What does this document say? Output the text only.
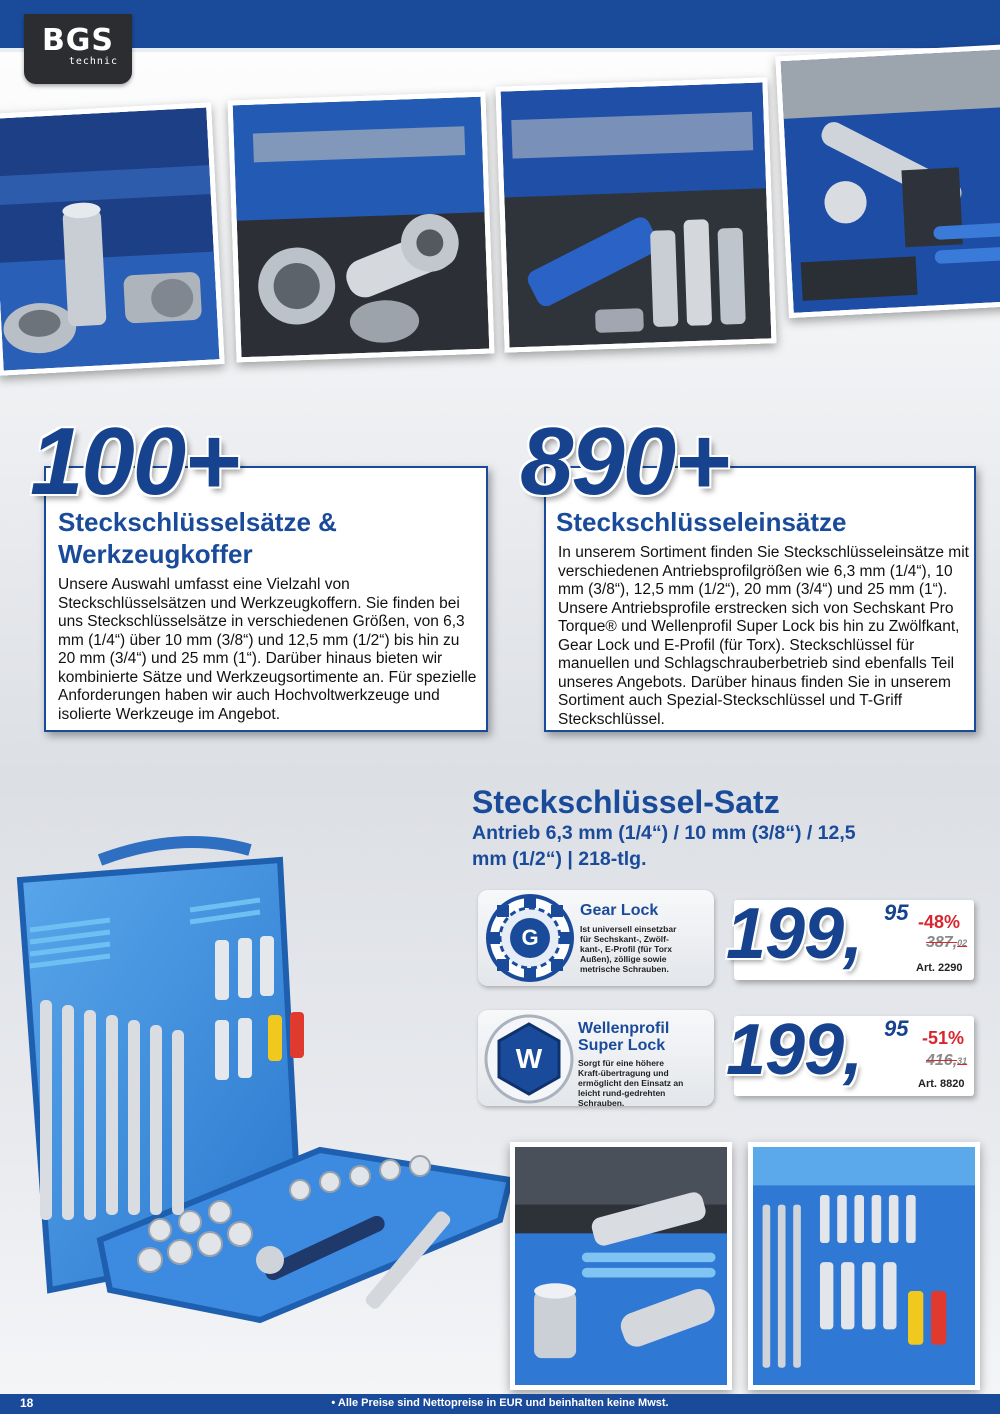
BGS
technic
Steckschlüsselsätze & Werkzeugkoffer

Unsere Auswahl umfasst eine Vielzahl von Steckschlüsselsätzen und Werkzeugkoffern. Sie finden bei uns Steckschlüsselsätze in verschiedenen Größen, von 6,3 mm (1/4“) über 10 mm (3/8“) und 12,5 mm (1/2“) bis hin zu 20 mm (3/4“) und 25 mm (1“). Darüber hinaus bieten wir kombinierte Sätze und Werkzeugsortimente an. Für spezielle Anforderungen haben wir auch Hochvoltwerkzeuge und isolierte Werkzeuge im Angebot.

100+
Steckschlüsseleinsätze

In unserem Sortiment finden Sie Steckschlüsseleinsätze mit verschiedenen Antriebsprofilgrößen wie 6,3 mm (1/4“), 10 mm (3/8“), 12,5 mm (1/2“), 20 mm (3/4“) und 25 mm (1“). Unsere Antriebsprofile erstrecken sich von Sechskant Pro Torque® und Wellenprofil Super Lock bis hin zu Zwölfkant, Gear Lock und E-Profil (für Torx). Steckschlüssel für manuellen und Schlagschrauberbetrieb sind ebenfalls Teil unseres Angebots. Darüber hinaus finden Sie in unserem Sortiment auch Spezial-Steckschlüssel und T-Griff Steckschlüssel.

890+
Steckschlüssel-Satz
Antrieb 6,3 mm (1/4“) / 10 mm (3/8“) / 12,5 mm (1/2“) | 218-tlg.
G
Gear Lock
Ist universell einsetzbar für Sechskant-, Zwölf-kant-, E-Profil (für Torx Außen), zöllige sowie metrische Schrauben.
W
Wellenprofil Super Lock
Sorgt für eine höhere Kraft-übertragung und ermöglicht den Einsatz an leicht rund-gedrehten Schrauben.
199, 95 -48%
387,02
Art. 2290
199, 95 -51%
416,31
Art. 8820
18	• Alle Preise sind Nettopreise in EUR und beinhalten keine Mwst.
